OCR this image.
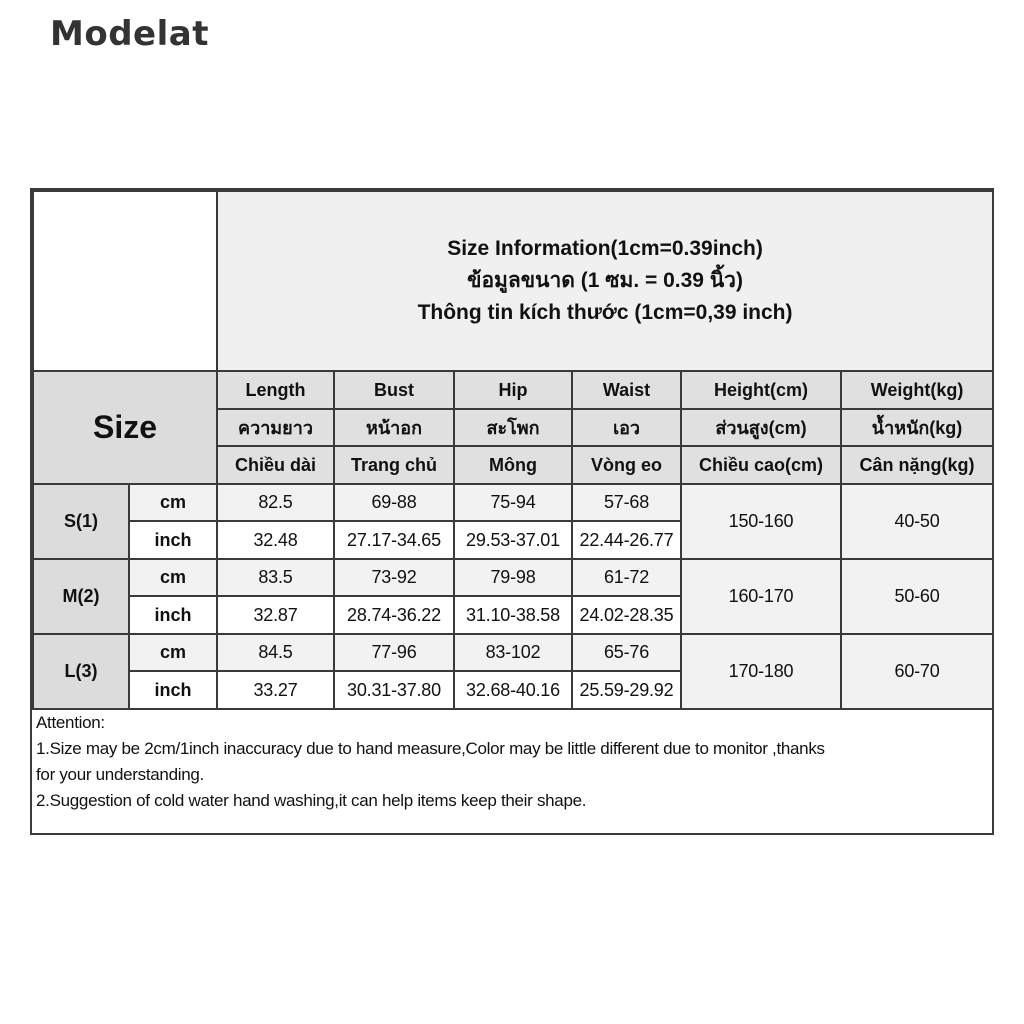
Modelat

		Size Information(1cm=0.39inch)
ข้อมูลขนาด (1 ซม. = 0.39 นิ้ว)
Thông tin kích thước (1cm=0,39 inch)					

Size		Length	Bust	Hip	Waist	Height(cm)	Weight(kg)
		ความยาว	หน้าอก	สะโพก	เอว	ส่วนสูง(cm)	น้ำหนัก(kg)
		Chiều dài	Trang chủ	Mông	Vòng eo	Chiều cao(cm)	Cân nặng(kg)
S(1)	cm	82.5	69-88	75-94	57-68	150-160	40-50
	inch	32.48	27.17-34.65	29.53-37.01	22.44-26.77		
M(2)	cm	83.5	73-92	79-98	61-72	160-170	50-60
	inch	32.87	28.74-36.22	31.10-38.58	24.02-28.35		
L(3)	cm	84.5	77-96	83-102	65-76	170-180	60-70
	inch	33.27	30.31-37.80	32.68-40.16	25.59-29.92		
Attention:
1.Size may be 2cm/1inch inaccuracy due to hand measure,Color may be little different due to monitor ,thanks
for your understanding.
2.Suggestion of cold water hand washing,it can help items keep their shape.
